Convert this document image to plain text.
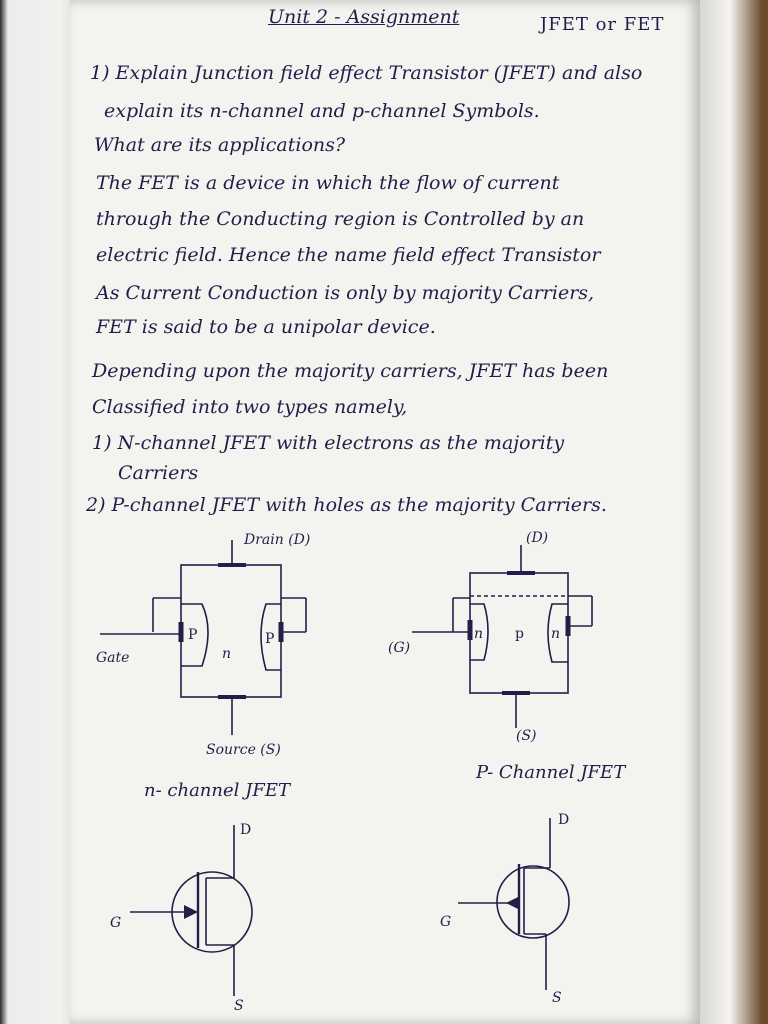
Unit 2 - Assignment	JFET or FET
1) Explain Junction field effect Transistor (JFET) and also
explain its n-channel and p-channel Symbols.
What are its applications?
The FET is a device in which the flow of current
through the Conducting region is Controlled by an
electric field. Hence the name field effect Transistor
As Current Conduction is only by majority Carriers,
FET is said to be a unipolar device.
Depending upon the majority carriers, JFET has been
Classified into two types namely,
1) N-channel JFET with electrons as the majority
Carriers
2) P-channel JFET with holes as the majority Carriers.
Drain (D)
Gate
Source (S)
P	P
n
n- channel JFET
(D)
(G)
(S)
n	n
p
P- Channel JFET
D
G
S
D
G
S
